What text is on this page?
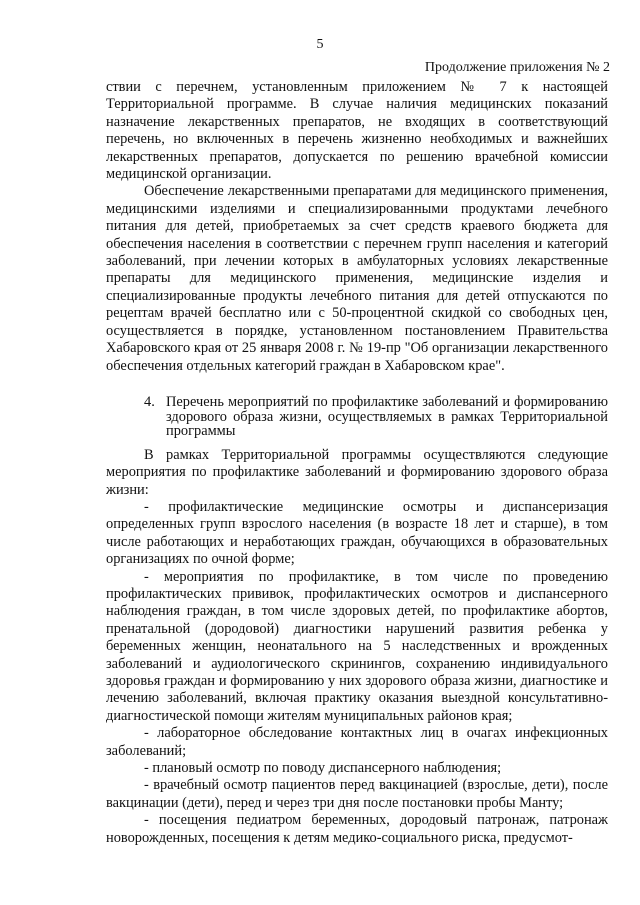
5
Продолжение приложения № 2

ствии с перечнем, установленным приложением № 7 к настоящей Территориальной программе. В случае наличия медицинских показаний назначение лекарственных препаратов, не входящих в соответствующий перечень, но включенных в перечень жизненно необходимых и важнейших лекарственных препаратов, допускается по решению врачебной комиссии медицинской организации.

Обеспечение лекарственными препаратами для медицинского применения, медицинскими изделиями и специализированными продуктами лечебного питания для детей, приобретаемых за счет средств краевого бюджета для обеспечения населения в соответствии с перечнем групп населения и категорий заболеваний, при лечении которых в амбулаторных условиях лекарственные препараты для медицинского применения, медицинские изделия и специализированные продукты лечебного питания для детей отпускаются по рецептам врачей бесплатно или с 50-процентной скидкой со свободных цен, осуществляется в порядке, установленном постановлением Правительства Хабаровского края от 25 января 2008 г. № 19-пр "Об организации лекарственного обеспечения отдельных категорий граждан в Хабаровском крае".

4. Перечень мероприятий по профилактике заболеваний и формированию здорового образа жизни, осуществляемых в рамках Территориальной программы

В рамках Территориальной программы осуществляются следующие мероприятия по профилактике заболеваний и формированию здорового образа жизни:

- профилактические медицинские осмотры и диспансеризация определенных групп взрослого населения (в возрасте 18 лет и старше), в том числе работающих и неработающих граждан, обучающихся в образовательных организациях по очной форме;

- мероприятия по профилактике, в том числе по проведению профилактических прививок, профилактических осмотров и диспансерного наблюдения граждан, в том числе здоровых детей, по профилактике абортов, пренатальной (дородовой) диагностики нарушений развития ребенка у беременных женщин, неонатального на 5 наследственных и врожденных заболеваний и аудиологического скринингов, сохранению индивидуального здоровья граждан и формированию у них здорового образа жизни, диагностике и лечению заболеваний, включая практику оказания выездной консультативно-диагностической помощи жителям муниципальных районов края;

- лабораторное обследование контактных лиц в очагах инфекционных заболеваний;

- плановый осмотр по поводу диспансерного наблюдения;

- врачебный осмотр пациентов перед вакцинацией (взрослые, дети), после вакцинации (дети), перед и через три дня после постановки пробы Манту;

- посещения педиатром беременных, дородовый патронаж, патронаж новорожденных, посещения к детям медико-социального риска, предусмот-
